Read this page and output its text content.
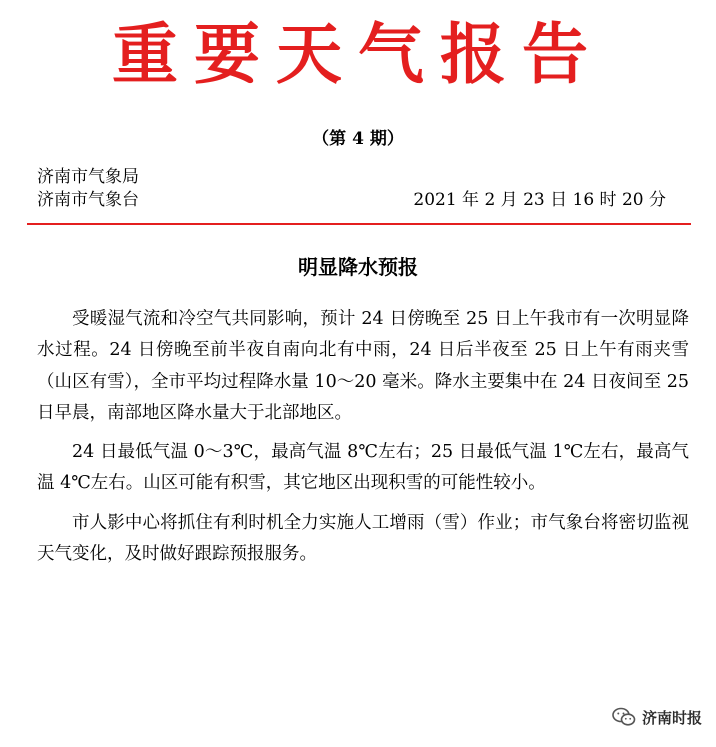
重要天气报告
（第 4 期）
济南市气象局
济南市气象台	2021 年 2 月 23 日 16 时 20 分
明显降水预报

受暖湿气流和冷空气共同影响，预计 24 日傍晚至 25 日上午我市有一次明显降水过程。24 日傍晚至前半夜自南向北有中雨，24 日后半夜至 25 日上午有雨夹雪（山区有雪），全市平均过程降水量 10～20 毫米。降水主要集中在 24 日夜间至 25 日早晨，南部地区降水量大于北部地区。

24 日最低气温 0～3℃，最高气温 8℃左右；25 日最低气温 1℃左右，最高气温 4℃左右。山区可能有积雪，其它地区出现积雪的可能性较小。

市人影中心将抓住有利时机全力实施人工增雨（雪）作业；市气象台将密切监视天气变化，及时做好跟踪预报服务。

济南时报
